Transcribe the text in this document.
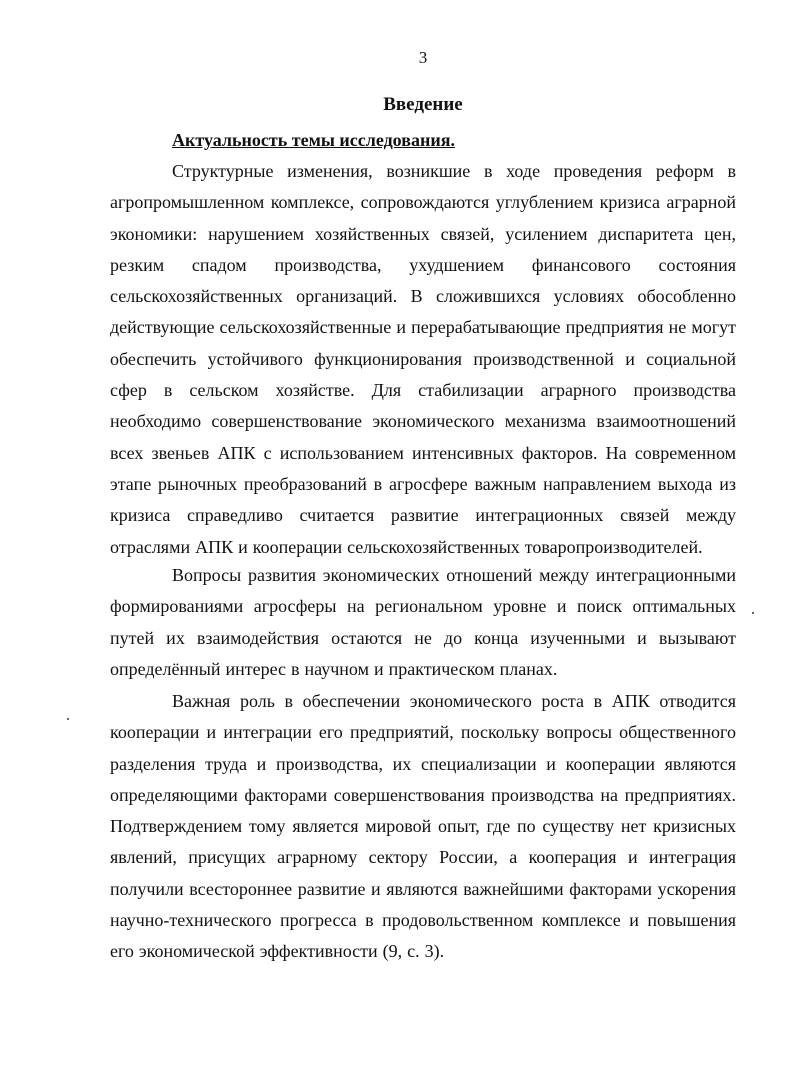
3
Введение
Актуальность темы исследования.

Структурные изменения, возникшие в ходе проведения реформ в агропромышленном комплексе, сопровождаются углублением кризиса аграрной экономики: нарушением хозяйственных связей, усилением диспаритета цен, резким спадом производства, ухудшением финансового состояния сельскохозяйственных организаций. В сложившихся условиях обособленно действующие сельскохозяйственные и перерабатывающие предприятия не могут обеспечить устойчивого функционирования производственной и социальной сфер в сельском хозяйстве. Для стабилизации аграрного производства необходимо совершенствование экономического механизма взаимоотношений всех звеньев АПК с использованием интенсивных факторов. На современном этапе рыночных преобразований в агросфере важным направлением выхода из кризиса справедливо считается развитие интеграционных связей между отраслями АПК и кооперации сельскохозяйственных товаропроизводителей.

Вопросы развития экономических отношений между интеграционными формированиями агросферы на региональном уровне и поиск оптимальных путей их взаимодействия остаются не до конца изученными и вызывают определённый интерес в научном и практическом планах.

Важная роль в обеспечении экономического роста в АПК отводится кооперации и интеграции его предприятий, поскольку вопросы общественного разделения труда и производства, их специализации и кооперации являются определяющими факторами совершенствования производства на предприятиях. Подтверждением тому является мировой опыт, где по существу нет кризисных явлений, присущих аграрному сектору России, а кооперация и интеграция получили всестороннее развитие и являются важнейшими факторами ускорения научно-технического прогресса в продовольственном комплексе и повышения его экономической эффективности (9, с. 3).
